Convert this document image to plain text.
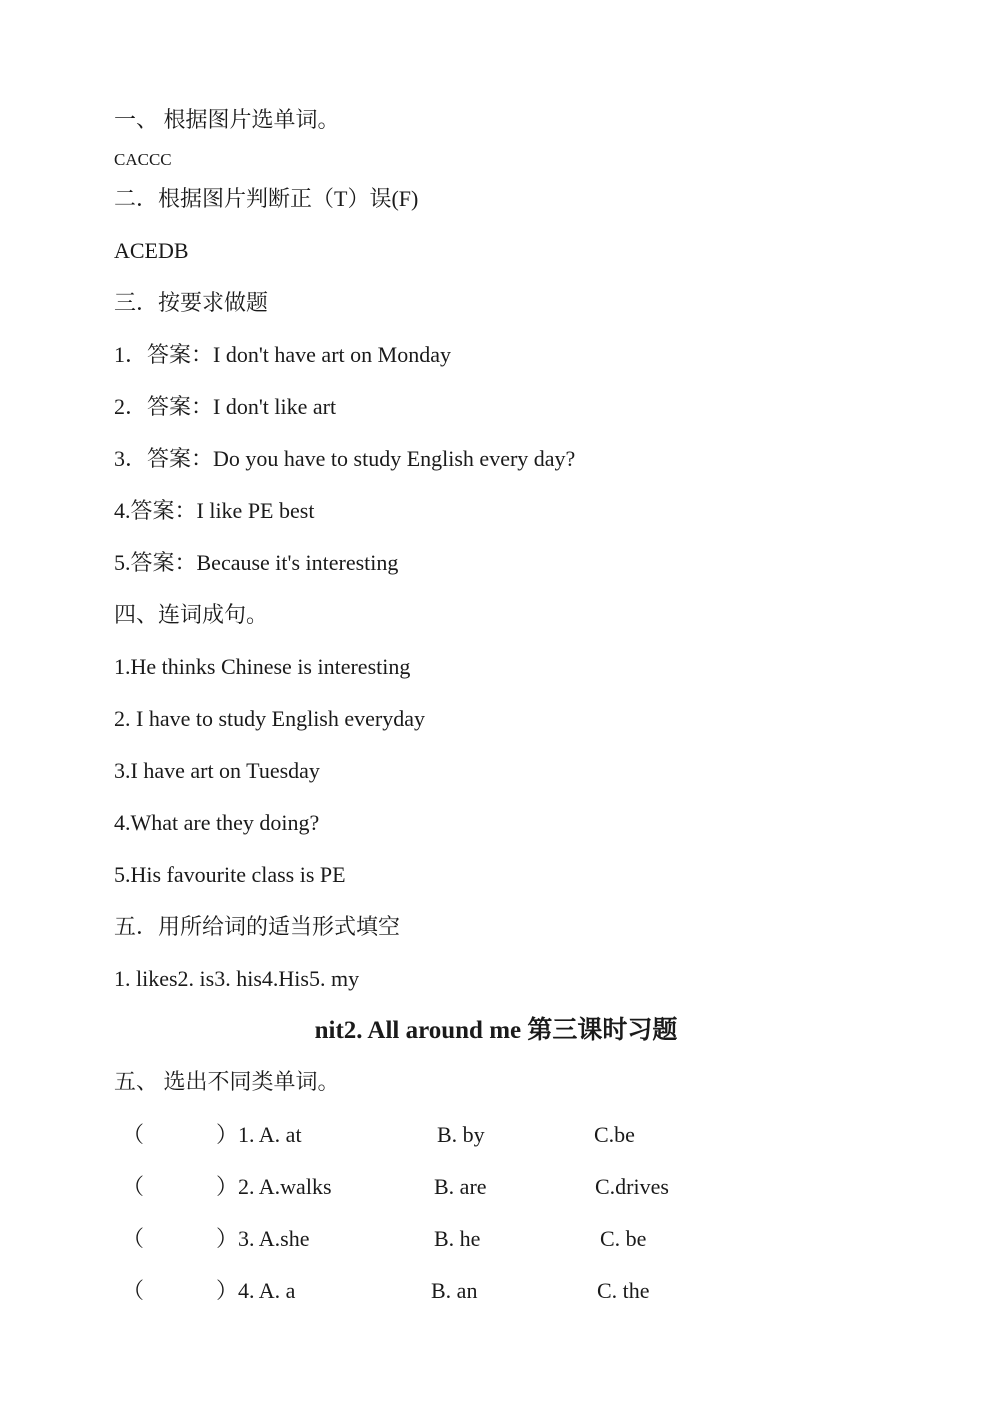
一、 根据图片选单词。
CACCC
二．根据图片判断正（T）误(F)
ACEDB
三．按要求做题
1．答案：I don't have art on Monday
2．答案：I don't like art
3．答案：Do you have to study English every day?
4.答案：I like PE best
5.答案：Because it's interesting
四、连词成句。
1.He thinks Chinese is interesting
2. I have to study English everyday
3.I have art on Tuesday
4.What are they doing?
5.His favourite class is PE
五．用所给词的适当形式填空
1. likes2. is3. his4.His5. my
nit2. All around me 第三课时习题
五、 选出不同类单词。
（	）1. A. at	B. by	C.be
（	）2. A.walks	B. are	C.drives
（	）3. A.she	B. he	C. be
（	）4. A. a	B. an	C. the
